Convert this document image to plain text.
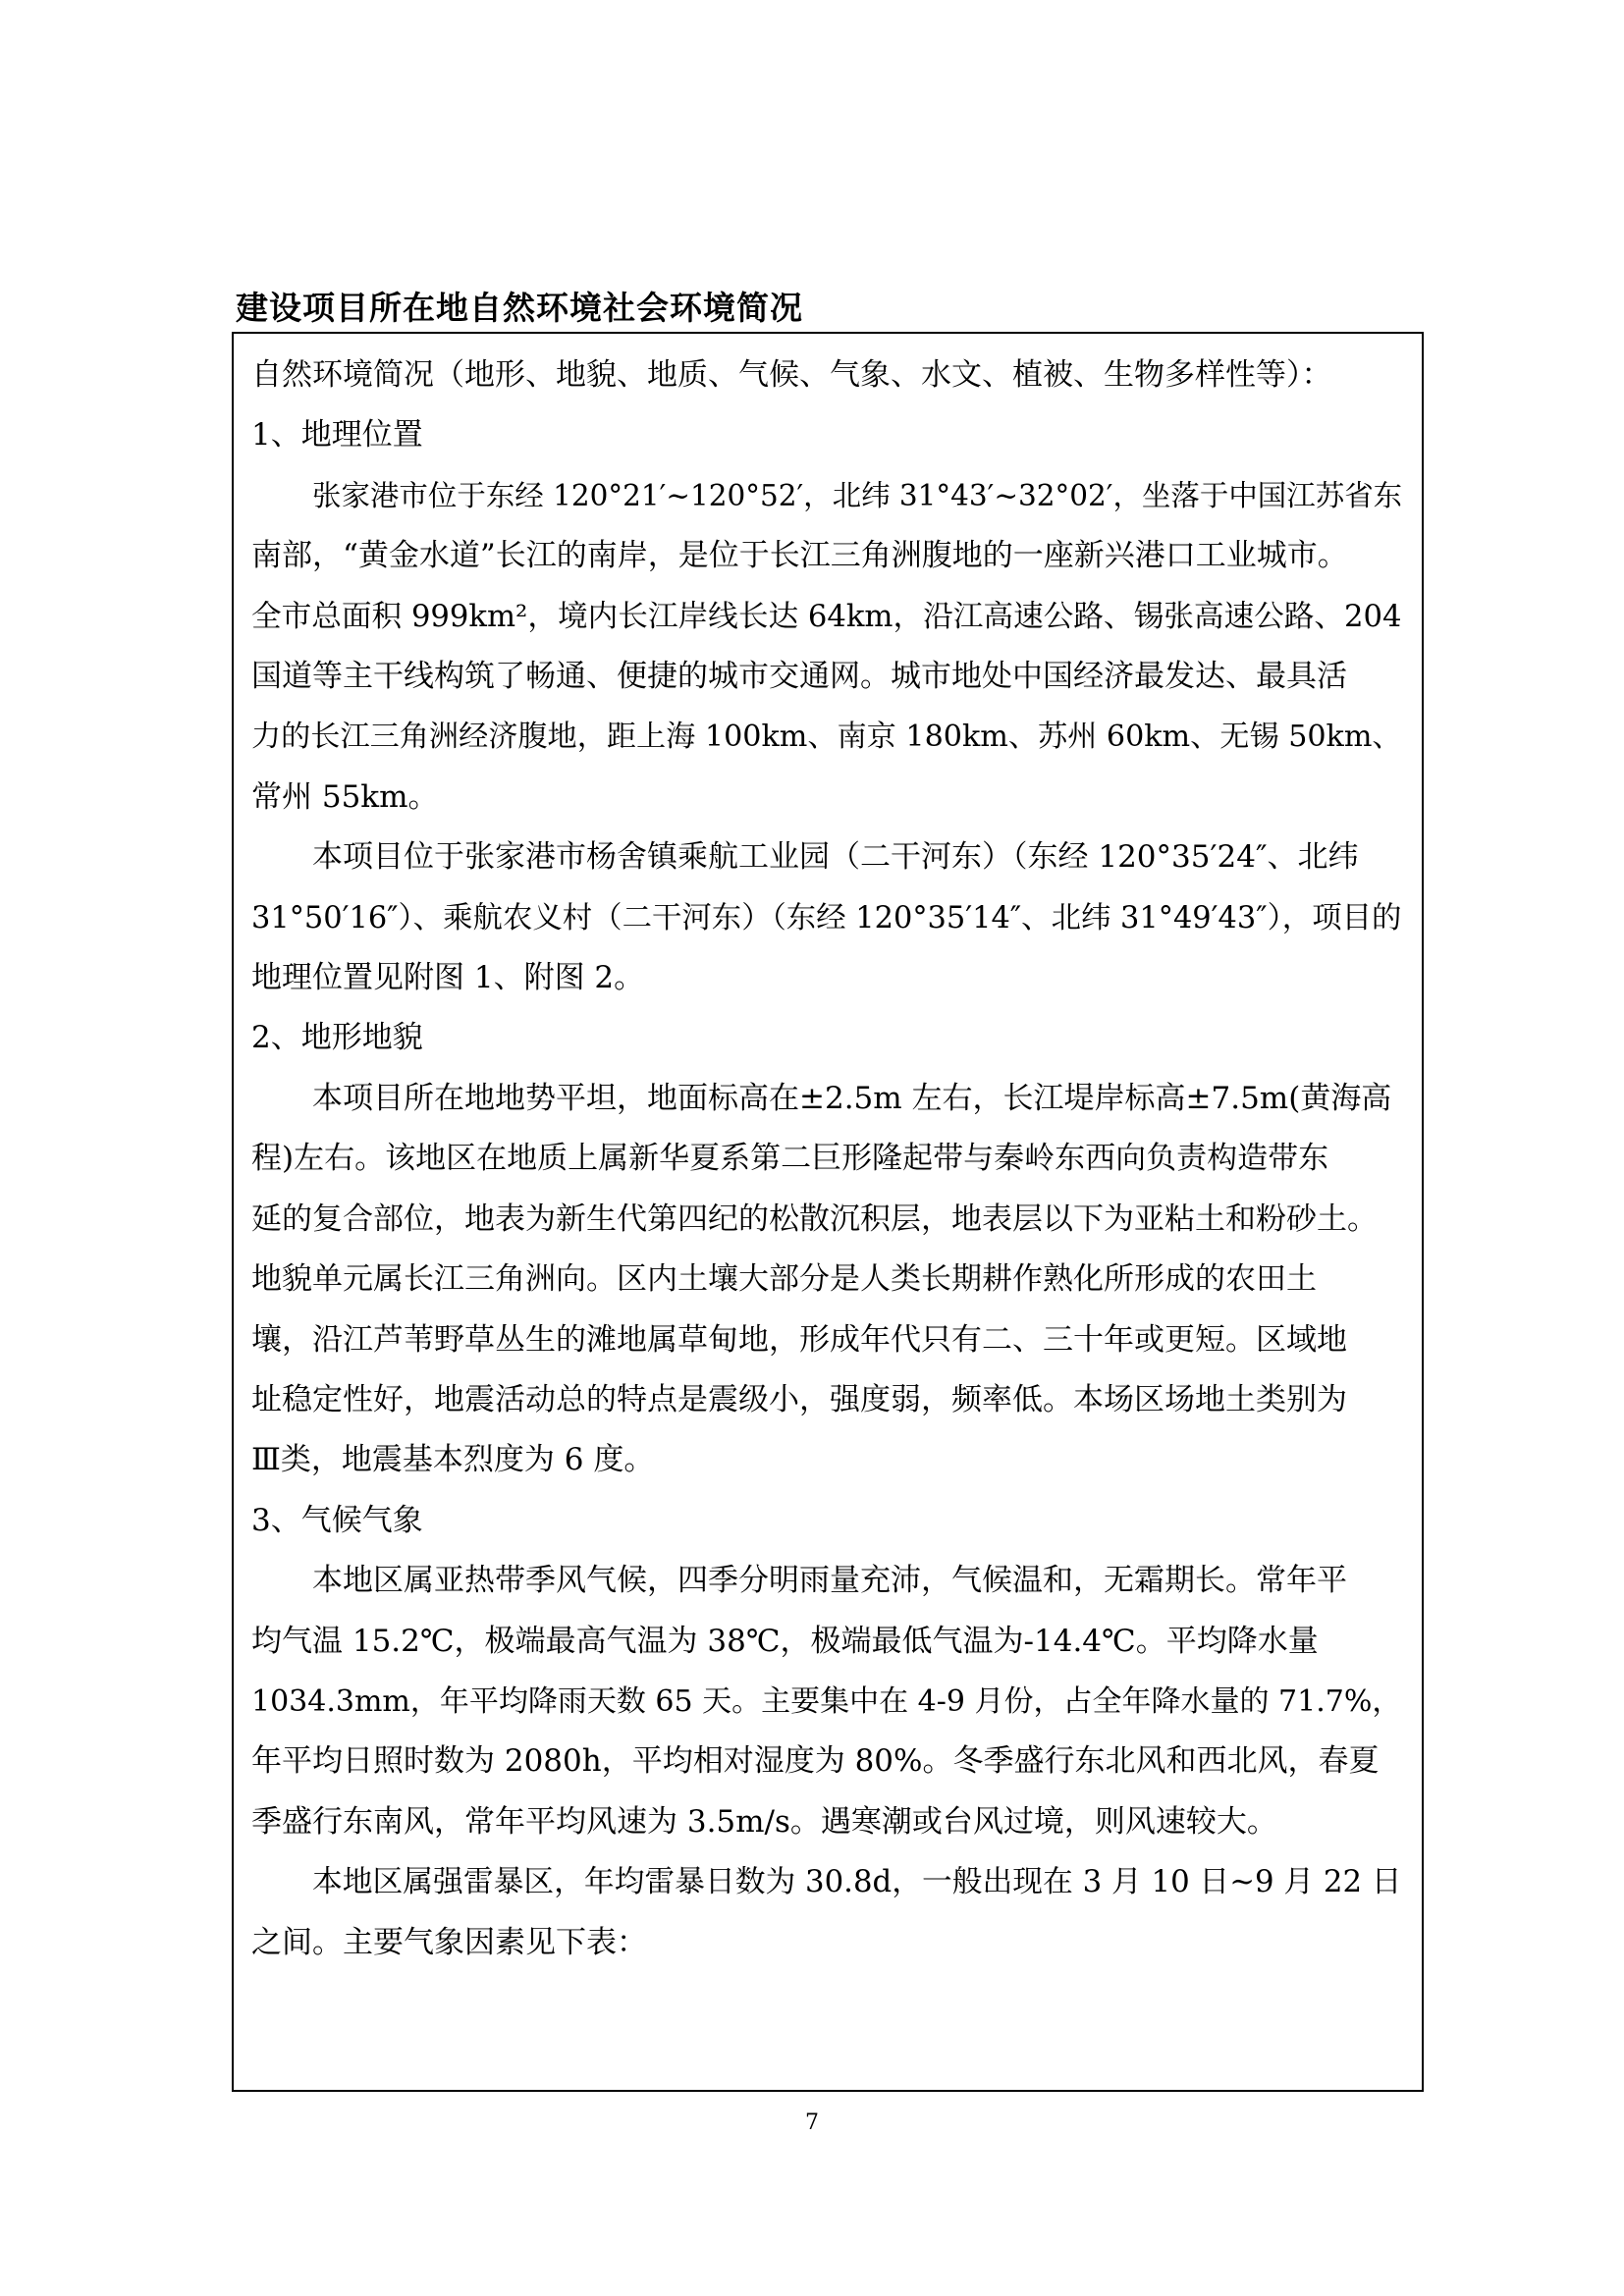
建设项目所在地自然环境社会环境简况
自然环境简况（地形、地貌、地质、气候、气象、水文、植被、生物多样性等）：
1、地理位置
张家港市位于东经 120°21′~120°52′，北纬 31°43′~32°02′，坐落于中国江苏省东
南部，“黄金水道”长江的南岸，是位于长江三角洲腹地的一座新兴港口工业城市。
全市总面积 999km²，境内长江岸线长达 64km，沿江高速公路、锡张高速公路、204
国道等主干线构筑了畅通、便捷的城市交通网。城市地处中国经济最发达、最具活
力的长江三角洲经济腹地，距上海 100km、南京 180km、苏州 60km、无锡 50km、
常州 55km。
本项目位于张家港市杨舍镇乘航工业园（二干河东）（东经 120°35′24″、北纬
31°50′16″）、乘航农义村（二干河东）（东经 120°35′14″、北纬 31°49′43″），项目的
地理位置见附图 1、附图 2。
2、地形地貌
本项目所在地地势平坦，地面标高在±2.5m 左右，长江堤岸标高±7.5m(黄海高
程)左右。该地区在地质上属新华夏系第二巨形隆起带与秦岭东西向负责构造带东
延的复合部位，地表为新生代第四纪的松散沉积层，地表层以下为亚粘土和粉砂土。
地貌单元属长江三角洲向。区内土壤大部分是人类长期耕作熟化所形成的农田土
壤，沿江芦苇野草丛生的滩地属草甸地，形成年代只有二、三十年或更短。区域地
址稳定性好，地震活动总的特点是震级小，强度弱，频率低。本场区场地土类别为
Ⅲ类，地震基本烈度为 6 度。
3、气候气象
本地区属亚热带季风气候，四季分明雨量充沛，气候温和，无霜期长。常年平
均气温 15.2℃，极端最高气温为 38℃，极端最低气温为-14.4℃。平均降水量
1034.3mm，年平均降雨天数 65 天。主要集中在 4-9 月份，占全年降水量的 71.7%，
年平均日照时数为 2080h，平均相对湿度为 80%。冬季盛行东北风和西北风，春夏
季盛行东南风，常年平均风速为 3.5m/s。遇寒潮或台风过境，则风速较大。
本地区属强雷暴区，年均雷暴日数为 30.8d，一般出现在 3 月 10 日~9 月 22 日
之间。主要气象因素见下表：
7
